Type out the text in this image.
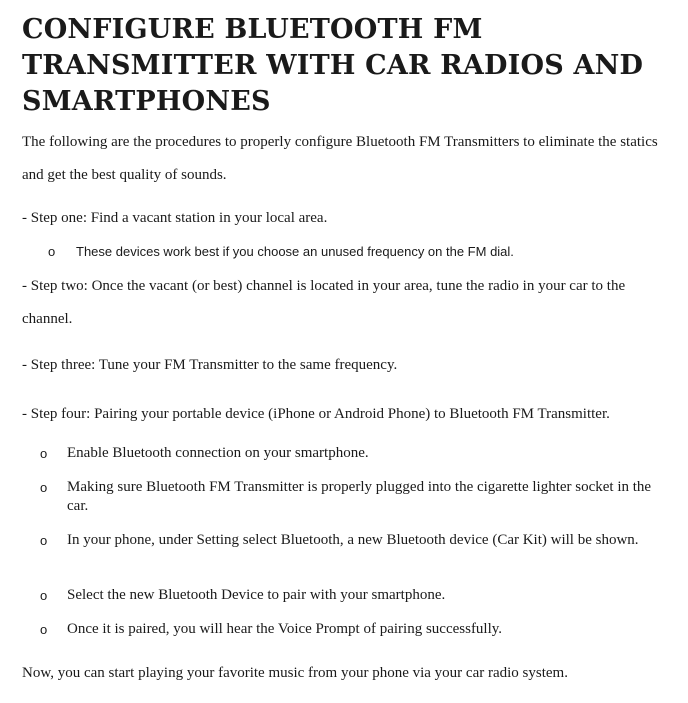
CONFIGURE BLUETOOTH FM TRANSMITTER WITH CAR RADIOS AND SMARTPHONES

The following are the procedures to properly configure Bluetooth FM Transmitters to eliminate the statics and get the best quality of sounds.

- Step one: Find a vacant station in your local area.

o These devices work best if you choose an unused frequency on the FM dial.

- Step two: Once the vacant (or best) channel is located in your area, tune the radio in your car to the channel.

- Step three: Tune your FM Transmitter to the same frequency.

- Step four: Pairing your portable device (iPhone or Android Phone) to Bluetooth FM Transmitter.

o Enable Bluetooth connection on your smartphone.
o Making sure Bluetooth FM Transmitter is properly plugged into the cigarette lighter socket in the car.
o In your phone, under Setting select Bluetooth, a new Bluetooth device (Car Kit) will be shown.
o Select the new Bluetooth Device to pair with your smartphone.
o Once it is paired, you will hear the Voice Prompt of pairing successfully.

Now, you can start playing your favorite music from your phone via your car radio system.
